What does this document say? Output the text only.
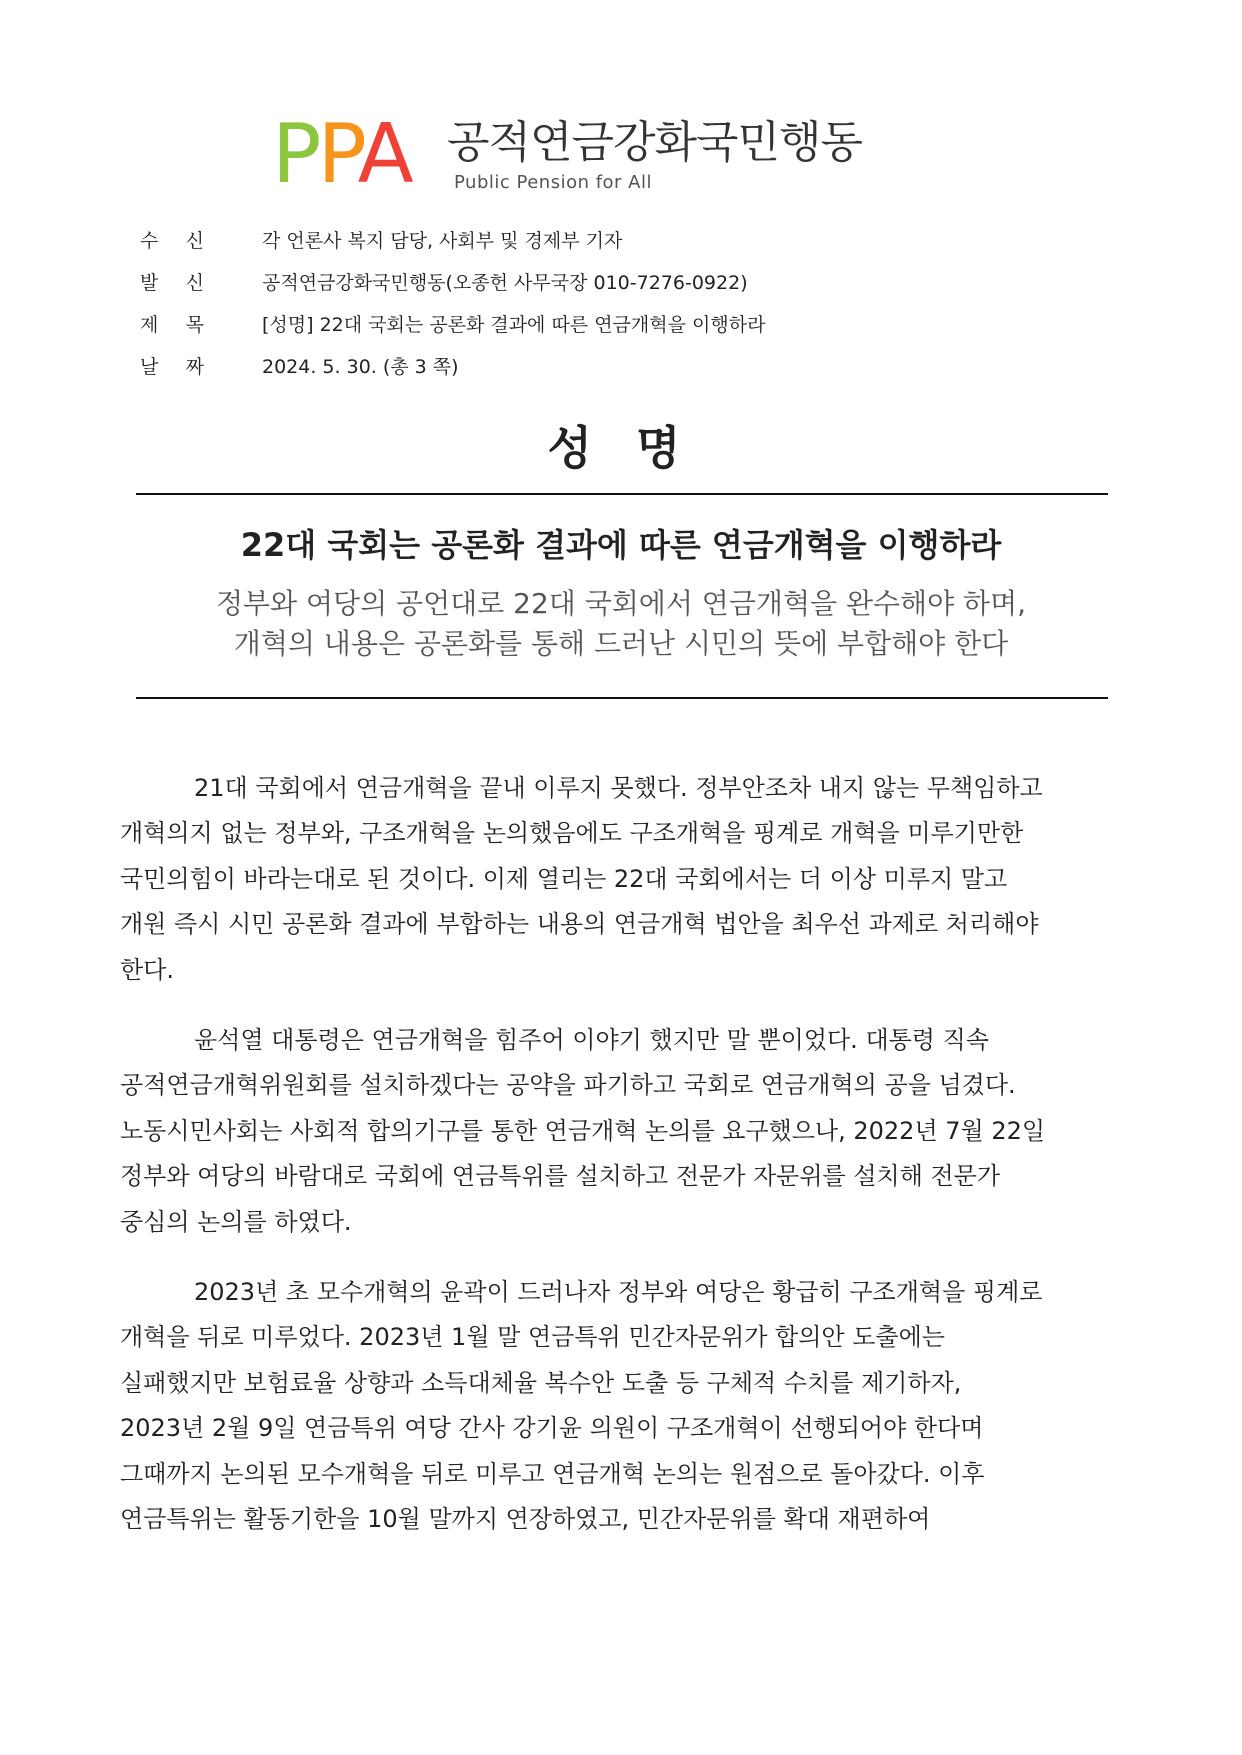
PPA 공적연금강화국민행동
Public Pension for All
수 신	각 언론사 복지 담당, 사회부 및 경제부 기자
발 신	공적연금강화국민행동(오종헌 사무국장 010-7276-0922)
제 목	[성명] 22대 국회는 공론화 결과에 따른 연금개혁을 이행하라
날 짜	2024. 5. 30. (총 3 쪽)
성 명
22대 국회는 공론화 결과에 따른 연금개혁을 이행하라
정부와 여당의 공언대로 22대 국회에서 연금개혁을 완수해야 하며,
개혁의 내용은 공론화를 통해 드러난 시민의 뜻에 부합해야 한다
21대 국회에서 연금개혁을 끝내 이루지 못했다. 정부안조차 내지 않는 무책임하고
개혁의지 없는 정부와, 구조개혁을 논의했음에도 구조개혁을 핑계로 개혁을 미루기만한
국민의힘이 바라는대로 된 것이다. 이제 열리는 22대 국회에서는 더 이상 미루지 말고
개원 즉시 시민 공론화 결과에 부합하는 내용의 연금개혁 법안을 최우선 과제로 처리해야
한다.
윤석열 대통령은 연금개혁을 힘주어 이야기 했지만 말 뿐이었다. 대통령 직속
공적연금개혁위원회를 설치하겠다는 공약을 파기하고 국회로 연금개혁의 공을 넘겼다.
노동시민사회는 사회적 합의기구를 통한 연금개혁 논의를 요구했으나, 2022년 7월 22일
정부와 여당의 바람대로 국회에 연금특위를 설치하고 전문가 자문위를 설치해 전문가
중심의 논의를 하였다.
2023년 초 모수개혁의 윤곽이 드러나자 정부와 여당은 황급히 구조개혁을 핑계로
개혁을 뒤로 미루었다. 2023년 1월 말 연금특위 민간자문위가 합의안 도출에는
실패했지만 보험료율 상향과 소득대체율 복수안 도출 등 구체적 수치를 제기하자,
2023년 2월 9일 연금특위 여당 간사 강기윤 의원이 구조개혁이 선행되어야 한다며
그때까지 논의된 모수개혁을 뒤로 미루고 연금개혁 논의는 원점으로 돌아갔다. 이후
연금특위는 활동기한을 10월 말까지 연장하였고, 민간자문위를 확대 재편하여
